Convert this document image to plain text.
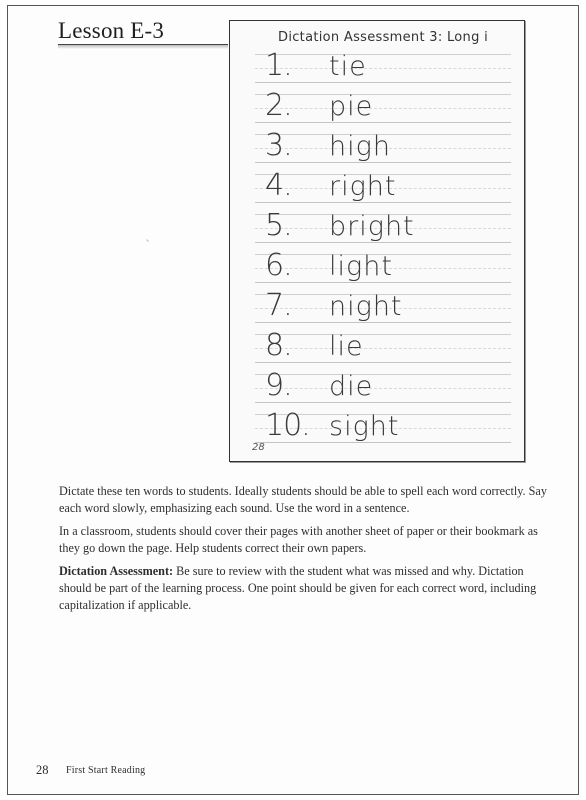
Lesson E-3	Dictation Assessment 3: Long i
1. tie
2. pie
3. high
4. right
5. bright
6. light
7. night
8. lie
9. die
10. sight
28

Dictate these ten words to students. Ideally students should be able to spell each word correctly. Say each word slowly, emphasizing each sound. Use the word in a sentence.

In a classroom, students should cover their pages with another sheet of paper or their bookmark as they go down the page. Help students correct their own papers.

Dictation Assessment: Be sure to review with the student what was missed and why. Dictation should be part of the learning process. One point should be given for each correct word, including capitalization if applicable.

28 First Start Reading
